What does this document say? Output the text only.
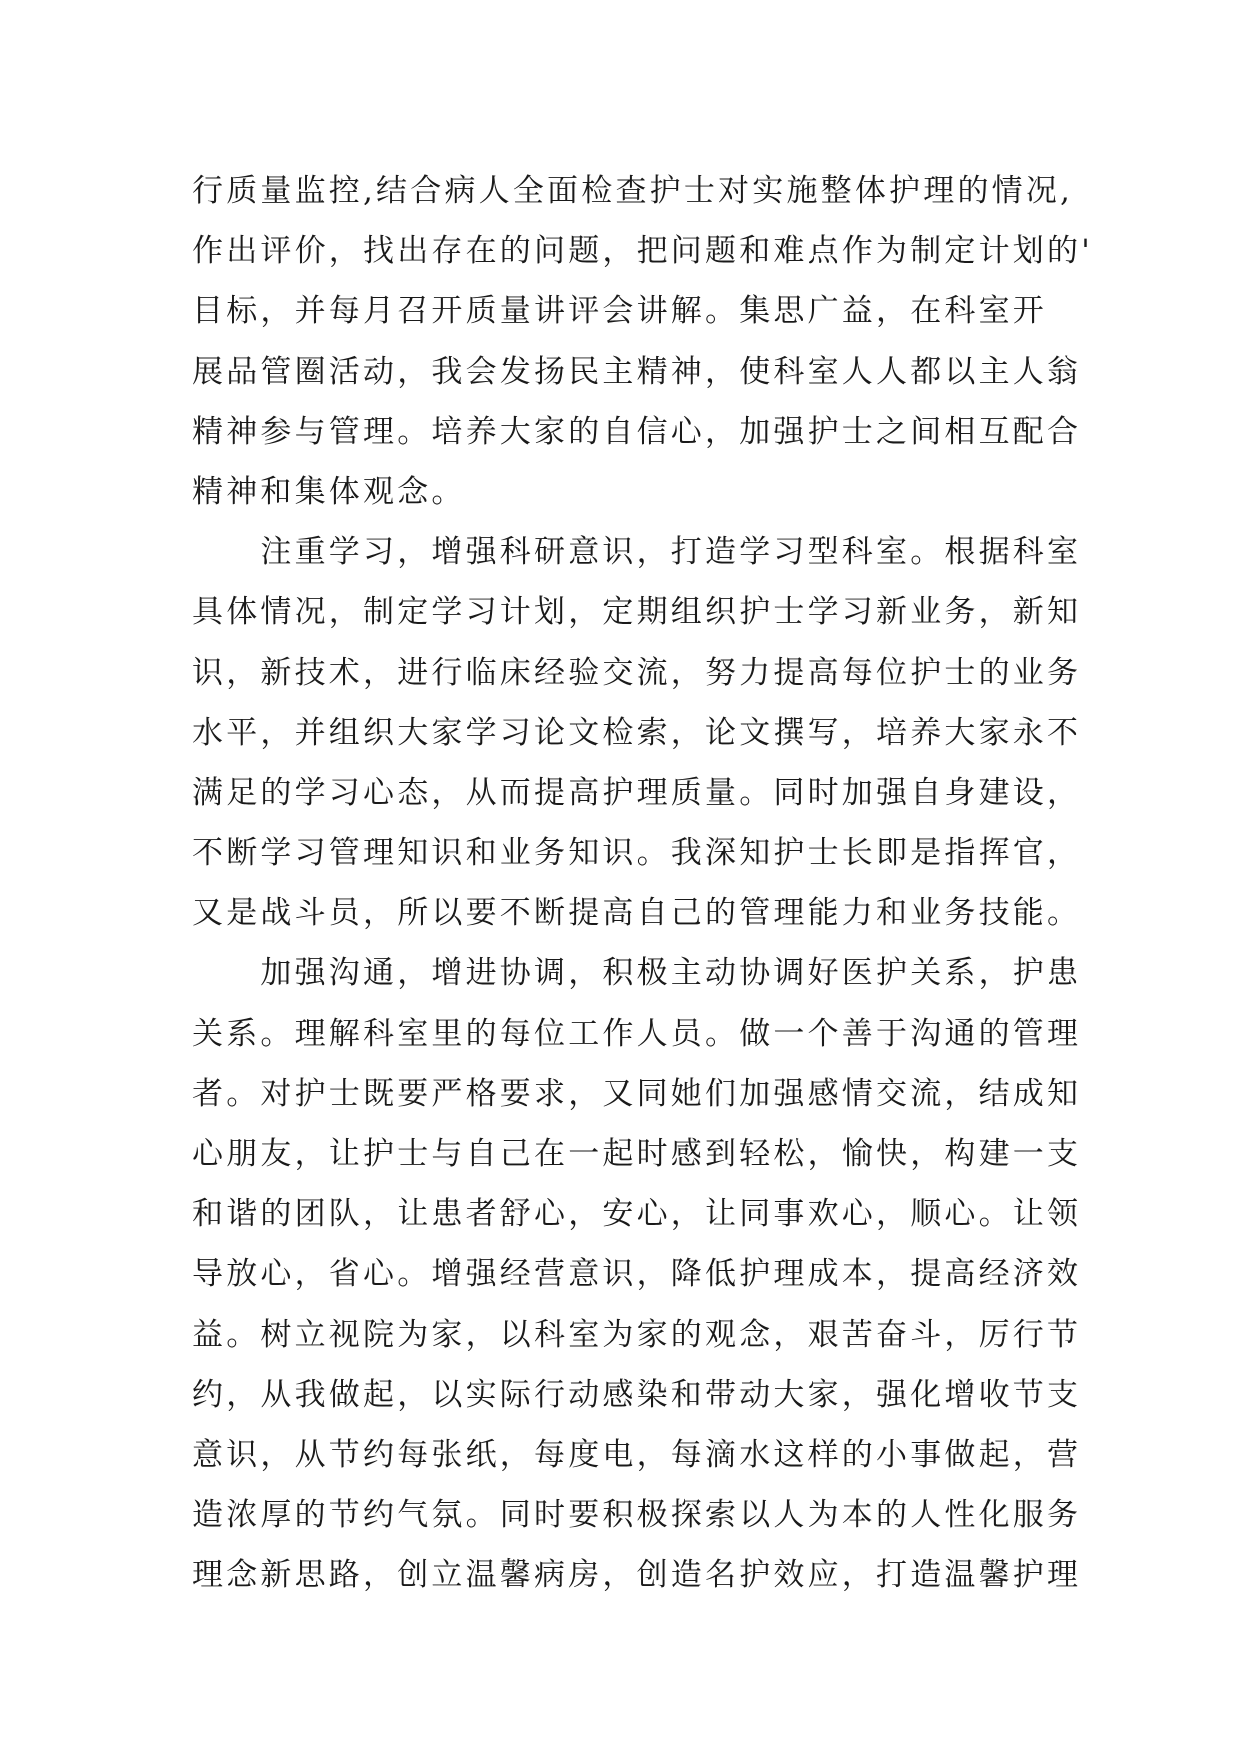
行质量监控,结合病人全面检查护士对实施整体护理的情况,
作出评价，找出存在的问题，把问题和难点作为制定计划的'
目标，并每月召开质量讲评会讲解。集思广益，在科室开
展品管圈活动，我会发扬民主精神，使科室人人都以主人翁
精神参与管理。培养大家的自信心，加强护士之间相互配合
精神和集体观念。
　　注重学习，增强科研意识，打造学习型科室。根据科室
具体情况，制定学习计划，定期组织护士学习新业务，新知
识，新技术，进行临床经验交流，努力提高每位护士的业务
水平，并组织大家学习论文检索，论文撰写，培养大家永不
满足的学习心态，从而提高护理质量。同时加强自身建设，
不断学习管理知识和业务知识。我深知护士长即是指挥官，
又是战斗员，所以要不断提高自己的管理能力和业务技能。
　　加强沟通，增进协调，积极主动协调好医护关系，护患
关系。理解科室里的每位工作人员。做一个善于沟通的管理
者。对护士既要严格要求，又同她们加强感情交流，结成知
心朋友，让护士与自己在一起时感到轻松，愉快，构建一支
和谐的团队，让患者舒心，安心，让同事欢心，顺心。让领
导放心，省心。增强经营意识，降低护理成本，提高经济效
益。树立视院为家，以科室为家的观念，艰苦奋斗，厉行节
约，从我做起，以实际行动感染和带动大家，强化增收节支
意识，从节约每张纸，每度电，每滴水这样的小事做起，营
造浓厚的节约气氛。同时要积极探索以人为本的人性化服务
理念新思路，创立温馨病房，创造名护效应，打造温馨护理
